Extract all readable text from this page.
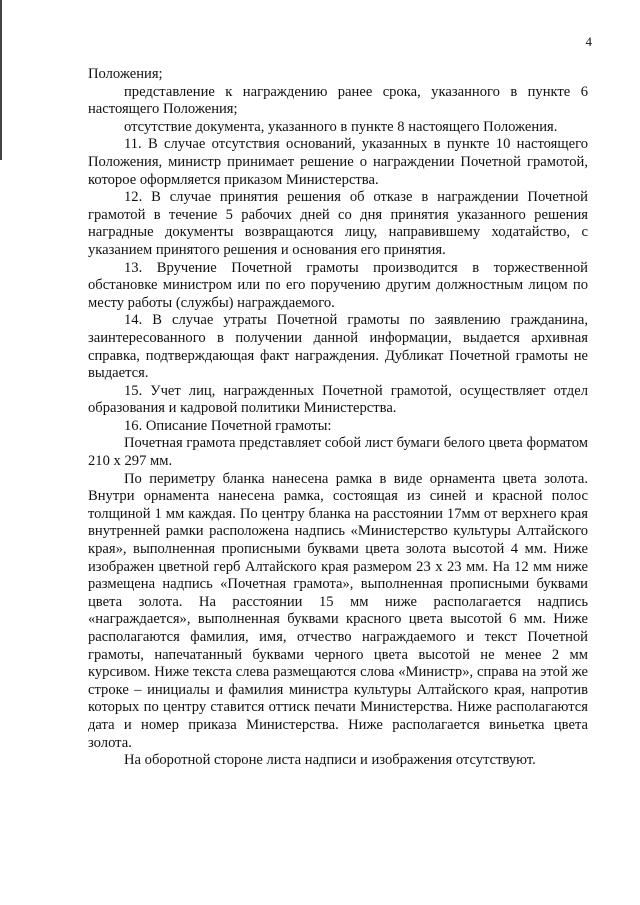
4

Положения;

представление к награждению ранее срока, указанного в пункте 6 настоящего Положения;

отсутствие документа, указанного в пункте 8 настоящего Положения.

11. В случае отсутствия оснований, указанных в пункте 10 настоящего Положения, министр принимает решение о награждении Почетной грамотой, которое оформляется приказом Министерства.

12. В случае принятия решения об отказе в награждении Почетной грамотой в течение 5 рабочих дней со дня принятия указанного решения наградные документы возвращаются лицу, направившему ходатайство, с указанием принятого решения и основания его принятия.

13. Вручение Почетной грамоты производится в торжественной обстановке министром или по его поручению другим должностным лицом по месту работы (службы) награждаемого.

14. В случае утраты Почетной грамоты по заявлению гражданина, заинтересованного в получении данной информации, выдается архивная справка, подтверждающая факт награждения. Дубликат Почетной грамоты не выдается.

15. Учет лиц, награжденных Почетной грамотой, осуществляет отдел образования и кадровой политики Министерства.

16. Описание Почетной грамоты:

Почетная грамота представляет собой лист бумаги белого цвета форматом 210 х 297 мм.

По периметру бланка нанесена рамка в виде орнамента цвета золота. Внутри орнамента нанесена рамка, состоящая из синей и красной полос толщиной 1 мм каждая. По центру бланка на расстоянии 17мм от верхнего края внутренней рамки расположена надпись «Министерство культуры Алтайского края», выполненная прописными буквами цвета золота высотой 4 мм. Ниже изображен цветной герб Алтайского края размером 23 х 23 мм. На 12 мм ниже размещена надпись «Почетная грамота», выполненная прописными буквами цвета золота. На расстоянии 15 мм ниже располагается надпись «награждается», выполненная буквами красного цвета высотой 6 мм. Ниже располагаются фамилия, имя, отчество награждаемого и текст Почетной грамоты, напечатанный буквами черного цвета высотой не менее 2 мм курсивом. Ниже текста слева размещаются слова «Министр», справа на этой же строке – инициалы и фамилия министра культуры Алтайского края, напротив которых по центру ставится оттиск печати Министерства. Ниже располагаются дата и номер приказа Министерства. Ниже располагается виньетка цвета золота.

На оборотной стороне листа надписи и изображения отсутствуют.
